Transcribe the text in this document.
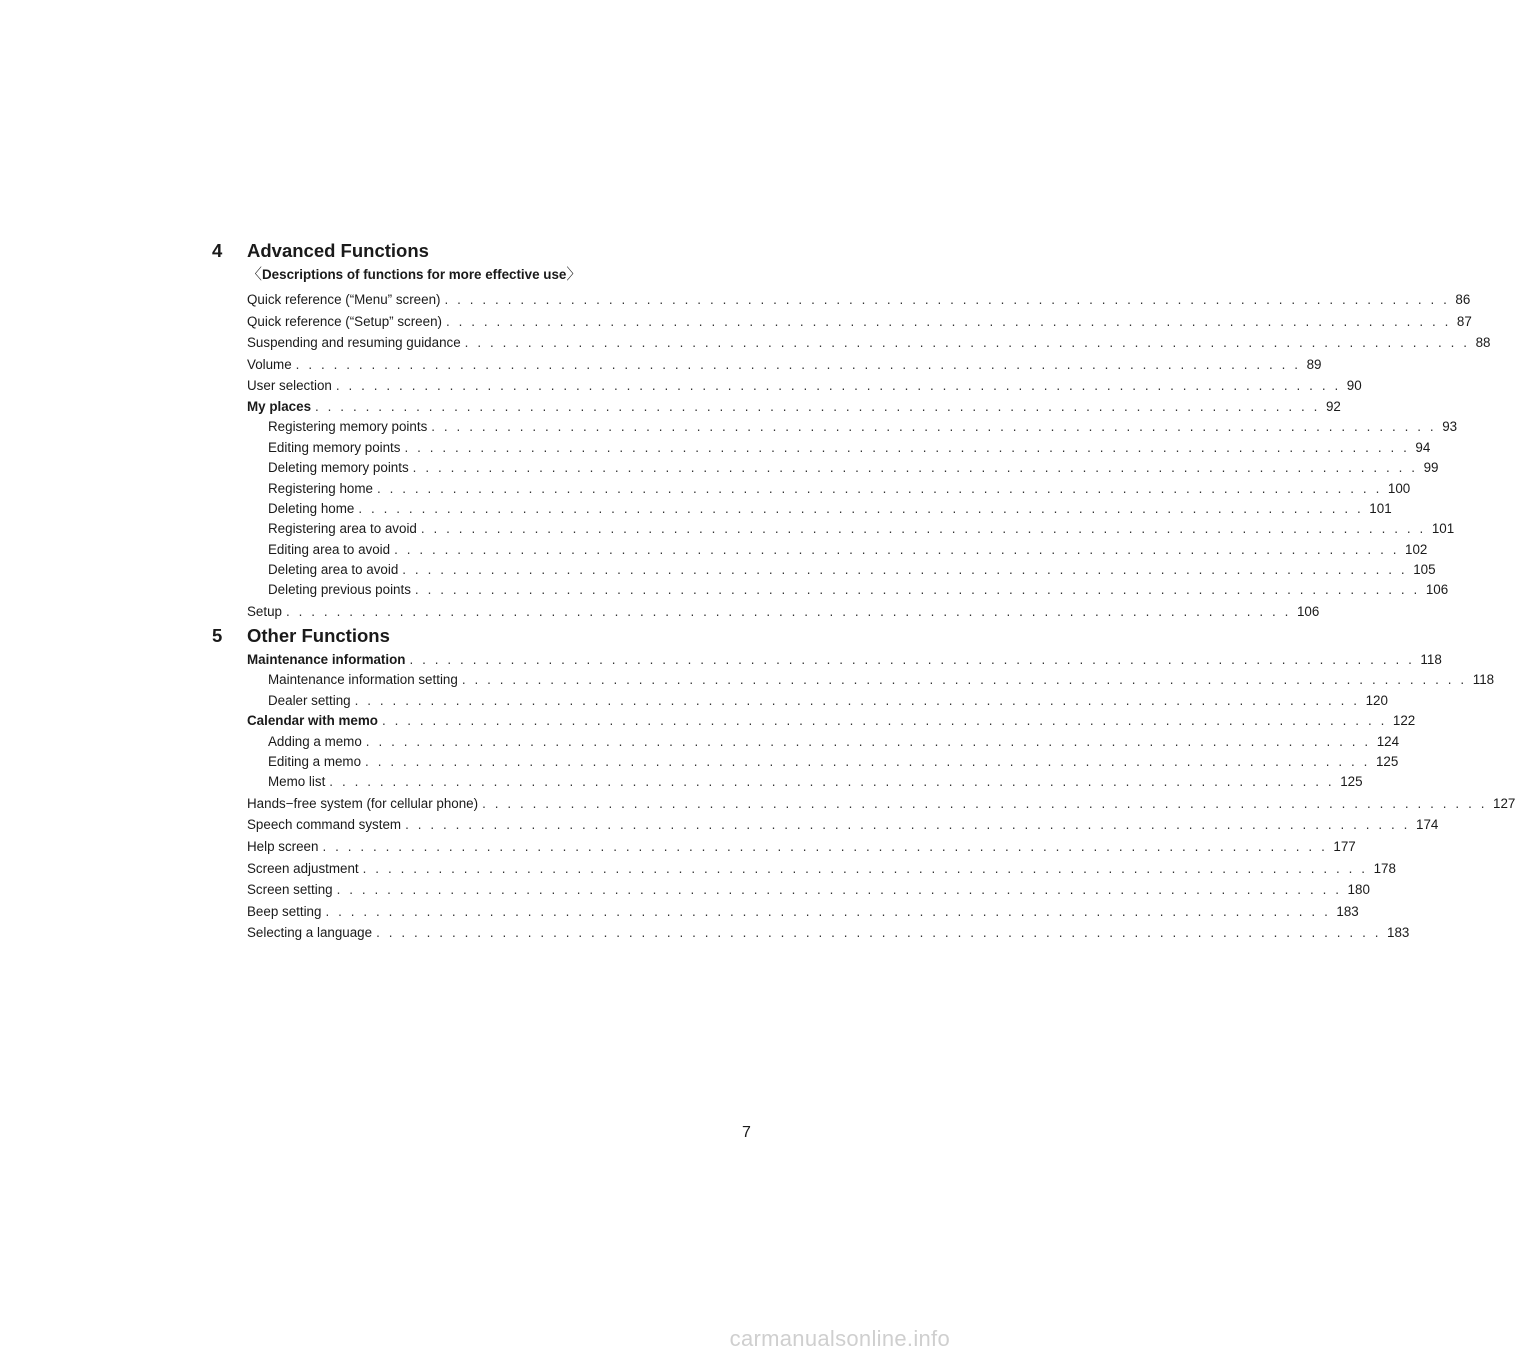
4 Advanced Functions
〈Descriptions of functions for more effective use〉
Quick reference (“Menu” screen) . . . . . . . . . . . . . . . . . . . . . . . . . . . . . . . . . . . . . . . . . . . . . . . . . . . . . . . . . . . . . . . . . . . . . . . . . . . . . . . . 86
Quick reference (“Setup” screen) . . . . . . . . . . . . . . . . . . . . . . . . . . . . . . . . . . . . . . . . . . . . . . . . . . . . . . . . . . . . . . . . . . . . . . . . . . . . . . . . 87
Suspending and resuming guidance . . . . . . . . . . . . . . . . . . . . . . . . . . . . . . . . . . . . . . . . . . . . . . . . . . . . . . . . . . . . . . . . . . . . . . . . . . . . . . . . 88
Volume . . . . . . . . . . . . . . . . . . . . . . . . . . . . . . . . . . . . . . . . . . . . . . . . . . . . . . . . . . . . . . . . . . . . . . . . . . . . . . . . 89
User selection . . . . . . . . . . . . . . . . . . . . . . . . . . . . . . . . . . . . . . . . . . . . . . . . . . . . . . . . . . . . . . . . . . . . . . . . . . . . . . . . 90
My places . . . . . . . . . . . . . . . . . . . . . . . . . . . . . . . . . . . . . . . . . . . . . . . . . . . . . . . . . . . . . . . . . . . . . . . . . . . . . . . . 92
Registering memory points . . . . . . . . . . . . . . . . . . . . . . . . . . . . . . . . . . . . . . . . . . . . . . . . . . . . . . . . . . . . . . . . . . . . . . . . . . . . . . . . 93
Editing memory points . . . . . . . . . . . . . . . . . . . . . . . . . . . . . . . . . . . . . . . . . . . . . . . . . . . . . . . . . . . . . . . . . . . . . . . . . . . . . . . . 94
Deleting memory points . . . . . . . . . . . . . . . . . . . . . . . . . . . . . . . . . . . . . . . . . . . . . . . . . . . . . . . . . . . . . . . . . . . . . . . . . . . . . . . . 99
Registering home . . . . . . . . . . . . . . . . . . . . . . . . . . . . . . . . . . . . . . . . . . . . . . . . . . . . . . . . . . . . . . . . . . . . . . . . . . . . . . . . 100
Deleting home . . . . . . . . . . . . . . . . . . . . . . . . . . . . . . . . . . . . . . . . . . . . . . . . . . . . . . . . . . . . . . . . . . . . . . . . . . . . . . . . 101
Registering area to avoid . . . . . . . . . . . . . . . . . . . . . . . . . . . . . . . . . . . . . . . . . . . . . . . . . . . . . . . . . . . . . . . . . . . . . . . . . . . . . . . . 101
Editing area to avoid . . . . . . . . . . . . . . . . . . . . . . . . . . . . . . . . . . . . . . . . . . . . . . . . . . . . . . . . . . . . . . . . . . . . . . . . . . . . . . . . 102
Deleting area to avoid . . . . . . . . . . . . . . . . . . . . . . . . . . . . . . . . . . . . . . . . . . . . . . . . . . . . . . . . . . . . . . . . . . . . . . . . . . . . . . . . 105
Deleting previous points . . . . . . . . . . . . . . . . . . . . . . . . . . . . . . . . . . . . . . . . . . . . . . . . . . . . . . . . . . . . . . . . . . . . . . . . . . . . . . . . 106
Setup . . . . . . . . . . . . . . . . . . . . . . . . . . . . . . . . . . . . . . . . . . . . . . . . . . . . . . . . . . . . . . . . . . . . . . . . . . . . . . . . 106
5 Other Functions
Maintenance information . . . . . . . . . . . . . . . . . . . . . . . . . . . . . . . . . . . . . . . . . . . . . . . . . . . . . . . . . . . . . . . . . . . . . . . . . . . . . . . . 118
Maintenance information setting . . . . . . . . . . . . . . . . . . . . . . . . . . . . . . . . . . . . . . . . . . . . . . . . . . . . . . . . . . . . . . . . . . . . . . . . . . . . . . . . 118
Dealer setting . . . . . . . . . . . . . . . . . . . . . . . . . . . . . . . . . . . . . . . . . . . . . . . . . . . . . . . . . . . . . . . . . . . . . . . . . . . . . . . . 120
Calendar with memo . . . . . . . . . . . . . . . . . . . . . . . . . . . . . . . . . . . . . . . . . . . . . . . . . . . . . . . . . . . . . . . . . . . . . . . . . . . . . . . . 122
Adding a memo . . . . . . . . . . . . . . . . . . . . . . . . . . . . . . . . . . . . . . . . . . . . . . . . . . . . . . . . . . . . . . . . . . . . . . . . . . . . . . . . 124
Editing a memo . . . . . . . . . . . . . . . . . . . . . . . . . . . . . . . . . . . . . . . . . . . . . . . . . . . . . . . . . . . . . . . . . . . . . . . . . . . . . . . . 125
Memo list . . . . . . . . . . . . . . . . . . . . . . . . . . . . . . . . . . . . . . . . . . . . . . . . . . . . . . . . . . . . . . . . . . . . . . . . . . . . . . . . 125
Hands−free system (for cellular phone) . . . . . . . . . . . . . . . . . . . . . . . . . . . . . . . . . . . . . . . . . . . . . . . . . . . . . . . . . . . . . . . . . . . . . . . . . . . . . . . . 127
Speech command system . . . . . . . . . . . . . . . . . . . . . . . . . . . . . . . . . . . . . . . . . . . . . . . . . . . . . . . . . . . . . . . . . . . . . . . . . . . . . . . . 174
Help screen . . . . . . . . . . . . . . . . . . . . . . . . . . . . . . . . . . . . . . . . . . . . . . . . . . . . . . . . . . . . . . . . . . . . . . . . . . . . . . . . 177
Screen adjustment . . . . . . . . . . . . . . . . . . . . . . . . . . . . . . . . . . . . . . . . . . . . . . . . . . . . . . . . . . . . . . . . . . . . . . . . . . . . . . . . 178
Screen setting . . . . . . . . . . . . . . . . . . . . . . . . . . . . . . . . . . . . . . . . . . . . . . . . . . . . . . . . . . . . . . . . . . . . . . . . . . . . . . . . 180
Beep setting . . . . . . . . . . . . . . . . . . . . . . . . . . . . . . . . . . . . . . . . . . . . . . . . . . . . . . . . . . . . . . . . . . . . . . . . . . . . . . . . 183
Selecting a language . . . . . . . . . . . . . . . . . . . . . . . . . . . . . . . . . . . . . . . . . . . . . . . . . . . . . . . . . . . . . . . . . . . . . . . . . . . . . . . . 183
7
carmanualsonline.info
